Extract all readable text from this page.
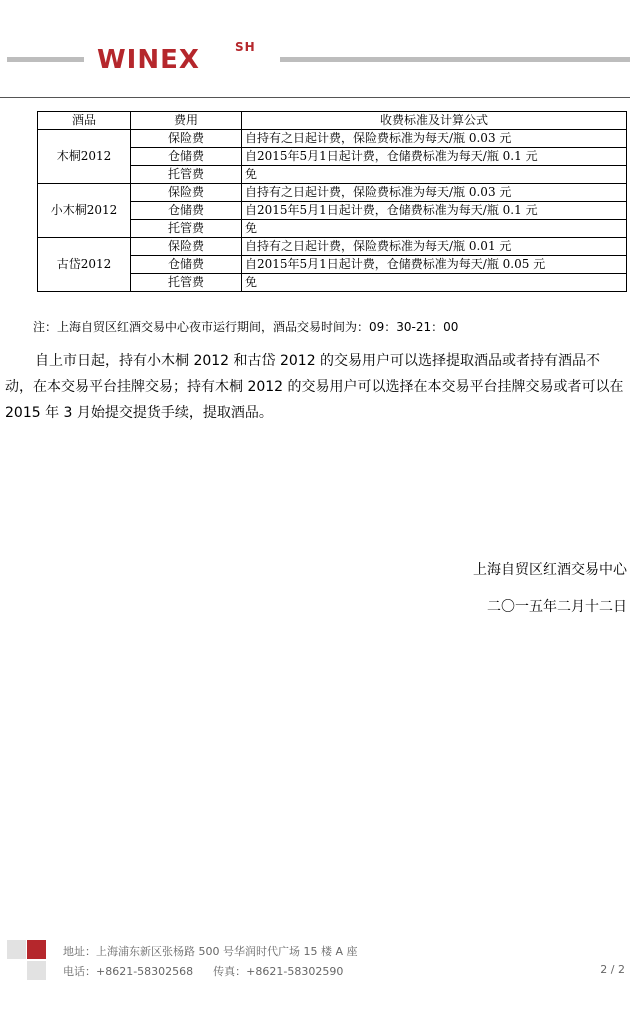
WINEX	SH
酒品	费用	收费标准及计算公式
木桐2012	保险费	自持有之日起计费，保险费标准为每天/瓶 0.03 元
	仓储费	自2015年5月1日起计费，仓储费标准为每天/瓶 0.1 元
	托管费	免
小木桐2012	保险费	自持有之日起计费，保险费标准为每天/瓶 0.03 元
	仓储费	自2015年5月1日起计费，仓储费标准为每天/瓶 0.1 元
	托管费	免
古岱2012	保险费	自持有之日起计费，保险费标准为每天/瓶 0.01 元
	仓储费	自2015年5月1日起计费，仓储费标准为每天/瓶 0.05 元
	托管费	免
注：上海自贸区红酒交易中心夜市运行期间，酒品交易时间为：09：30-21：00

自上市日起，持有小木桐 2012 和古岱 2012 的交易用户可以选择提取酒品或者持有酒品不动，在本交易平台挂牌交易；持有木桐 2012 的交易用户可以选择在本交易平台挂牌交易或者可以在 2015 年 3 月始提交提货手续，提取酒品。

上海自贸区红酒交易中心
二〇一五年二月十二日
地址：上海浦东新区张杨路 500 号华润时代广场 15 楼 A 座
电话：+8621-58302568 传真：+8621-58302590	2 / 2
